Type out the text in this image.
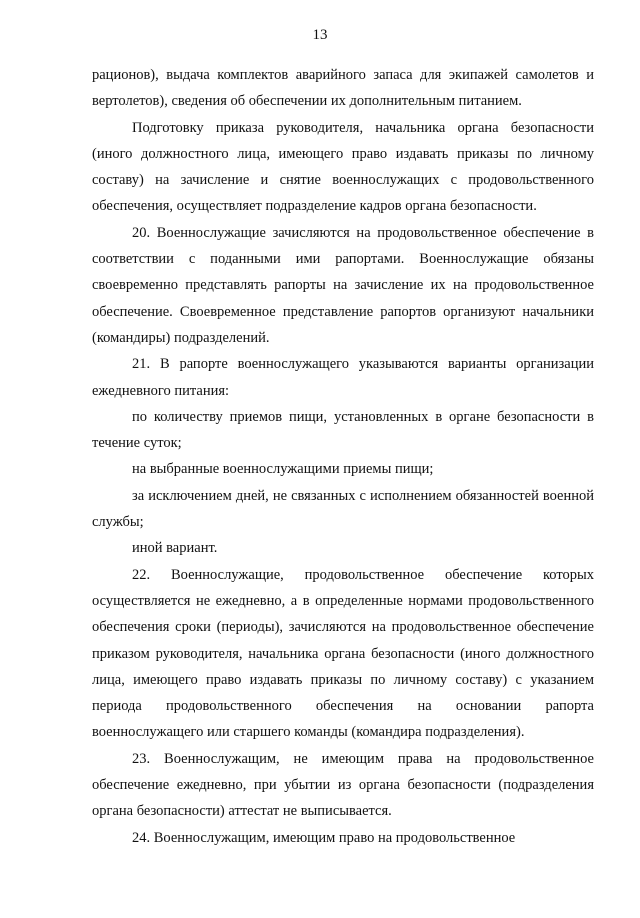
13

рационов), выдача комплектов аварийного запаса для экипажей самолетов и вертолетов), сведения об обеспечении их дополнительным питанием.

Подготовку приказа руководителя, начальника органа безопасности (иного должностного лица, имеющего право издавать приказы по личному составу) на зачисление и снятие военнослужащих с продовольственного обеспечения, осуществляет подразделение кадров органа безопасности.

20. Военнослужащие зачисляются на продовольственное обеспечение в соответствии с поданными ими рапортами. Военнослужащие обязаны своевременно представлять рапорты на зачисление их на продовольственное обеспечение. Своевременное представление рапортов организуют начальники (командиры) подразделений.

21. В рапорте военнослужащего указываются варианты организации ежедневного питания:

по количеству приемов пищи, установленных в органе безопасности в течение суток;

на выбранные военнослужащими приемы пищи;

за исключением дней, не связанных с исполнением обязанностей военной службы;

иной вариант.

22. Военнослужащие, продовольственное обеспечение которых осуществляется не ежедневно, а в определенные нормами продовольственного обеспечения сроки (периоды), зачисляются на продовольственное обеспечение приказом руководителя, начальника органа безопасности (иного должностного лица, имеющего право издавать приказы по личному составу) с указанием периода продовольственного обеспечения на основании рапорта военнослужащего или старшего команды (командира подразделения).

23. Военнослужащим, не имеющим права на продовольственное обеспечение ежедневно, при убытии из органа безопасности (подразделения органа безопасности) аттестат не выписывается.

24. Военнослужащим, имеющим право на продовольственное
